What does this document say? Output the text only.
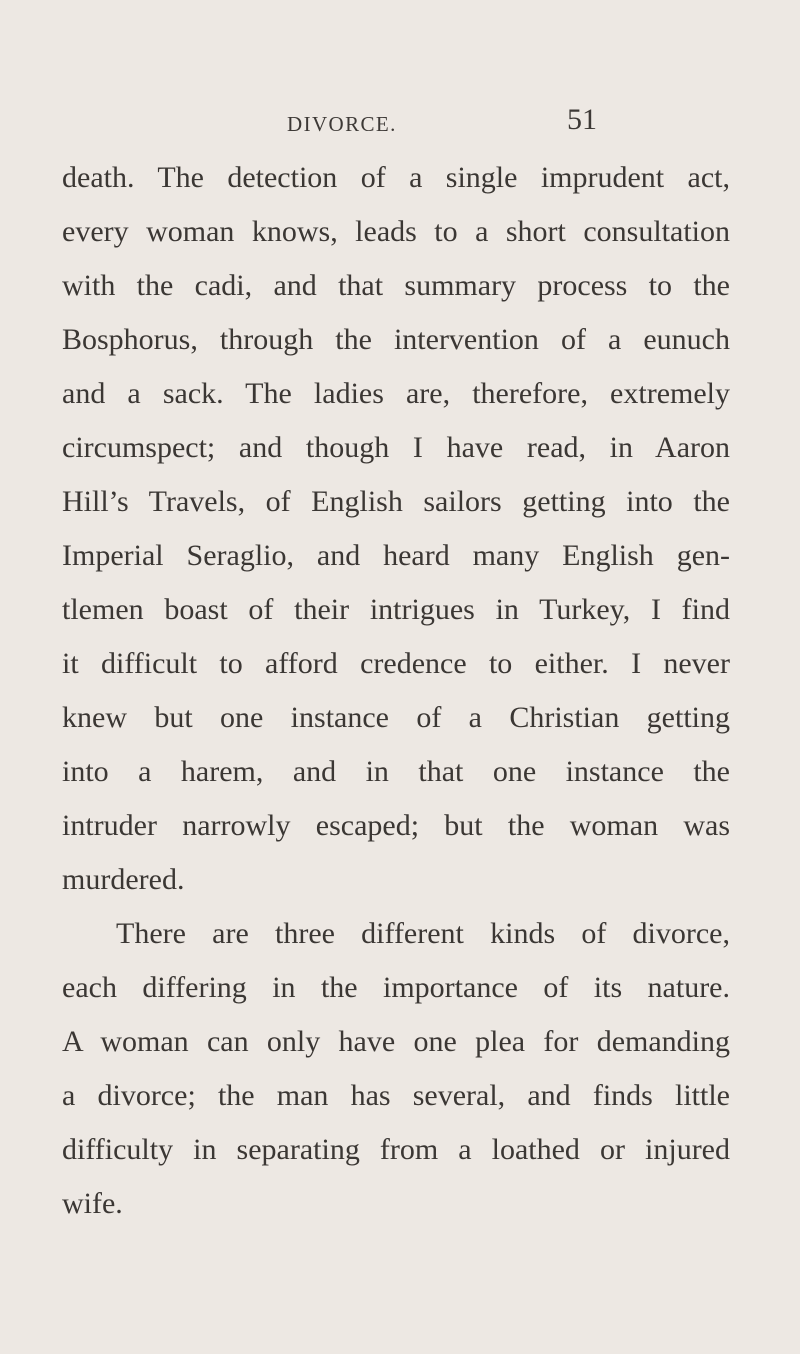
DIVORCE.	51
death. The detection of a single imprudent act,
every woman knows, leads to a short consultation
with the cadi, and that summary process to the
Bosphorus, through the intervention of a eunuch
and a sack. The ladies are, therefore, extremely
circumspect; and though I have read, in Aaron
Hill’s Travels, of English sailors getting into the
Imperial Seraglio, and heard many English gen-
tlemen boast of their intrigues in Turkey, I find
it difficult to afford credence to either. I never
knew but one instance of a Christian getting
into a harem, and in that one instance the
intruder narrowly escaped; but the woman was
murdered.
There are three different kinds of divorce,
each differing in the importance of its nature.
A woman can only have one plea for demanding
a divorce; the man has several, and finds little
difficulty in separating from a loathed or injured
wife.
